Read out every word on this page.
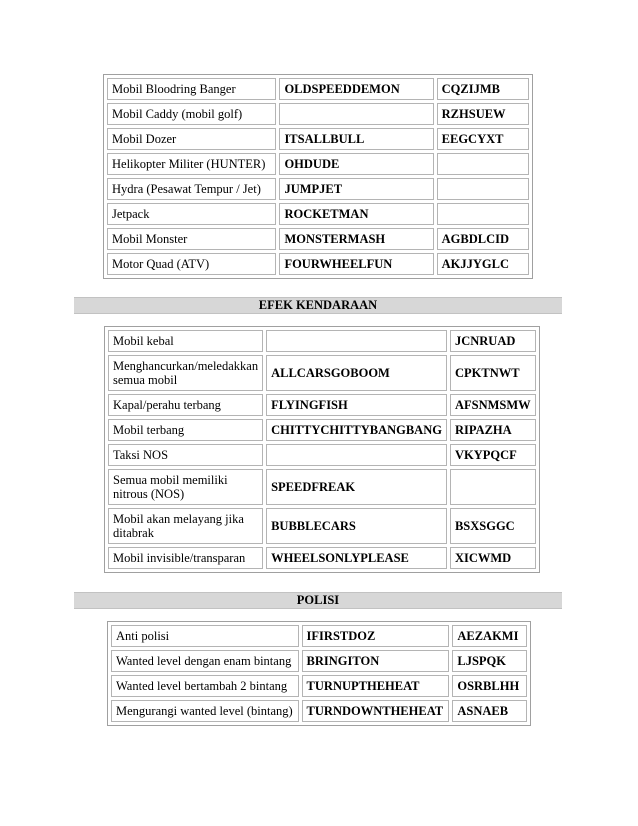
Mobil Bloodring Banger	OLDSPEEDDEMON	CQZIJMB
Mobil Caddy (mobil golf)		RZHSUEW
Mobil Dozer	ITSALLBULL	EEGCYXT
Helikopter Militer (HUNTER)	OHDUDE	
Hydra (Pesawat Tempur / Jet)	JUMPJET	
Jetpack	ROCKETMAN	
Mobil Monster	MONSTERMASH	AGBDLCID
Motor Quad (ATV)	FOURWHEELFUN	AKJJYGLC
EFEK KENDARAAN
Mobil kebal		JCNRUAD
Menghancurkan/meledakkan semua mobil	ALLCARSGOBOOM	CPKTNWT
Kapal/perahu terbang	FLYINGFISH	AFSNMSMW
Mobil terbang	CHITTYCHITTYBANGBANG	RIPAZHA
Taksi NOS		VKYPQCF
Semua mobil memiliki nitrous (NOS)	SPEEDFREAK	
Mobil akan melayang jika ditabrak	BUBBLECARS	BSXSGGC
Mobil invisible/transparan	WHEELSONLYPLEASE	XICWMD
POLISI
Anti polisi	IFIRSTDOZ	AEZAKMI
Wanted level dengan enam bintang	BRINGITON	LJSPQK
Wanted level bertambah 2 bintang	TURNUPTHEHEAT	OSRBLHH
Mengurangi wanted level (bintang)	TURNDOWNTHEHEAT	ASNAEB
